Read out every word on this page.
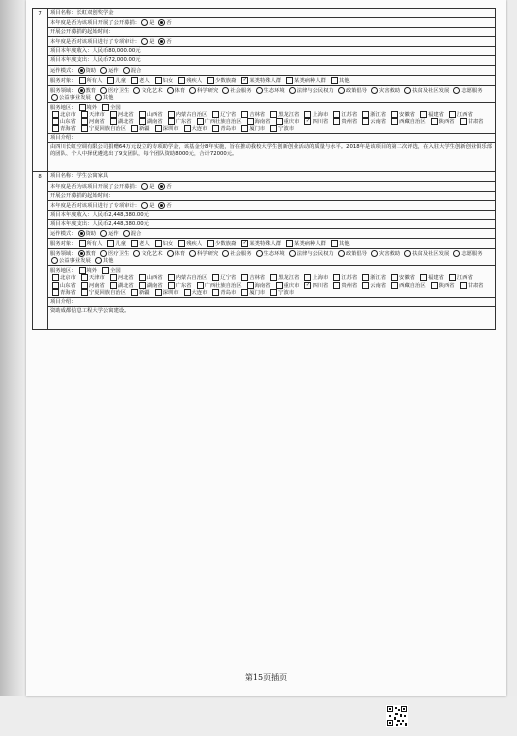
7	项目名称：长虹双创奖学金
	本年度是否为该项目开展了公开募捐： 是 否
	开展公开募捐的起始时间：
	本年度是否对该项目进行了专项审计： 是 否
	项目本年度收入：人民币80,000.00元
	项目本年度支出：人民币72,000.00元
	运作模式： 资助 运作 混合
	服务对象： 所有人 儿童 老人 妇女 残疾人 少数族裔 ✓ 某类特殊人群 某类病种人群 其他
	服务领域： 教育 医疗卫生 文化艺术 体育 科学研究 社会服务 生态环境 法律与公民权力 政策倡导 灾害救助 扶贫及社区发展 志愿服务公益事业发展 其他
	服务地区： 境外 全国
北京市 天津市 河北省 山西省 内蒙古自治区 辽宁省 吉林省 黑龙江省 上海市 江苏省 浙江省 安徽省 福建省 江西省山东省 河南省 湖北省 湖南省 广东省 广西壮族自治区 海南省 重庆市 ✓ 四川省 贵州省 云南省 西藏自治区 陕西省 甘肃省青海省 宁夏回族自治区 新疆 深圳市 大连市 青岛市 厦门市 宁波市
	项目介绍：
	由四川长虹空调有限公司捐赠64万元设立的专项助学金，该基金分8年实施，旨在推动我校大学生创新创业活动的质量与水平。2018年是该项目的第二次评选，在入驻大学生创新创业俱乐部的团队、个人中择优遴选出了9支团队，每个团队资助8000元，合计72000元。
8	项目名称：学生公寓家具
	本年度是否为该项目开展了公开募捐： 是 否
	开展公开募捐的起始时间：
	本年度是否对该项目进行了专项审计： 是 否
	项目本年度收入：人民币2,448,380.00元
	项目本年度支出：人民币2,448,380.00元
	运作模式： 资助 运作 混合
	服务对象： 所有人 儿童 老人 妇女 残疾人 少数族裔 ✓ 某类特殊人群 某类病种人群 其他
	服务领域： 教育 医疗卫生 文化艺术 体育 科学研究 社会服务 生态环境 法律与公民权力 政策倡导 灾害救助 扶贫及社区发展 志愿服务公益事业发展 其他
	服务地区： 境外 全国
北京市 天津市 河北省 山西省 内蒙古自治区 辽宁省 吉林省 黑龙江省 上海市 江苏省 浙江省 安徽省 福建省 江西省山东省 河南省 湖北省 湖南省 广东省 广西壮族自治区 海南省 重庆市 ✓ 四川省 贵州省 云南省 西藏自治区 陕西省 甘肃省青海省 宁夏回族自治区 新疆 深圳市 大连市 青岛市 厦门市 宁波市
	项目介绍：
	资助成都信息工程大学公寓建设。
第15页插页
